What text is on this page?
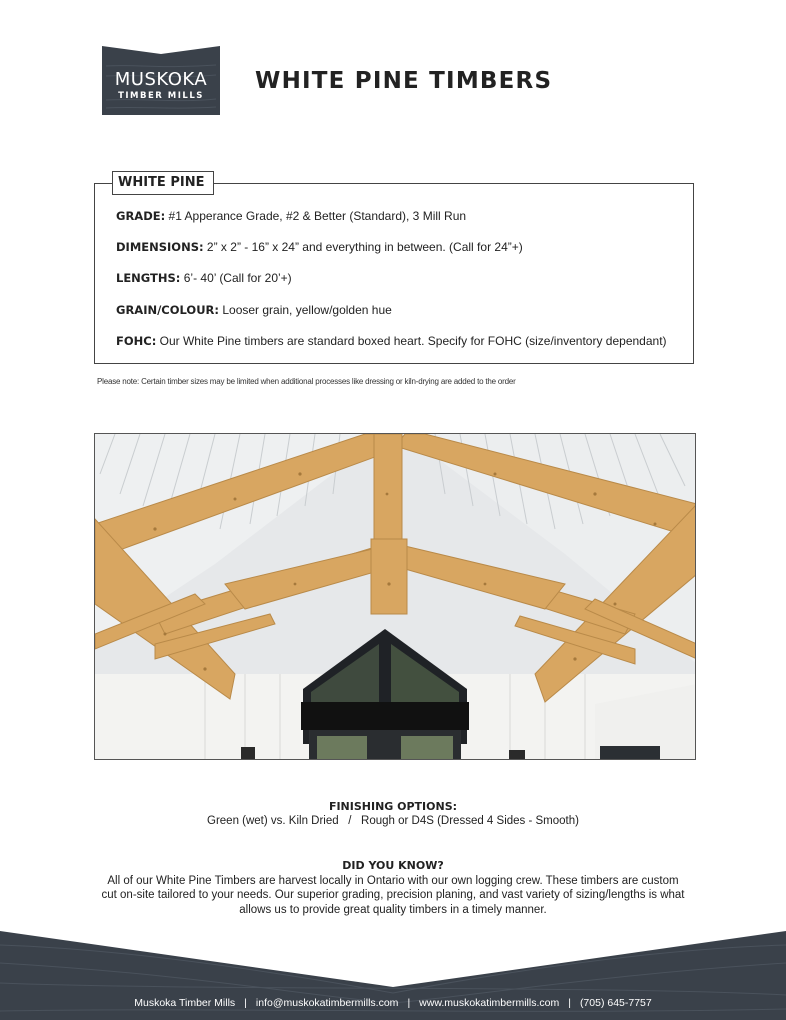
MUSKOKA
TIMBER MILLS
WHITE PINE TIMBERS
WHITE PINE
GRADE: #1 Apperance Grade, #2 & Better (Standard), 3 Mill Run
DIMENSIONS: 2” x 2” - 16” x 24” and everything in between. (Call for 24”+)
LENGTHS: 6’- 40’ (Call for 20’+)
GRAIN/COLOUR: Looser grain, yellow/golden hue
FOHC: Our White Pine timbers are standard boxed heart. Specify for FOHC (size/inventory dependant)
Please note: Certain timber sizes may be limited when additional processes like dressing or kiln-drying are added to the order
FINISHING OPTIONS:
Green (wet) vs. Kiln Dried   /   Rough or D4S (Dressed 4 Sides - Smooth)
DID YOU KNOW?
All of our White Pine Timbers are harvest locally in Ontario with our own logging crew. These timbers are custom
cut on-site tailored to your needs. Our superior grading, precision planing, and vast variety of sizing/lengths is what
allows us to provide great quality timbers in a timely manner.
Muskoka Timber Mills | info@muskokatimbermills.com | www.muskokatimbermills.com | (705) 645-7757
